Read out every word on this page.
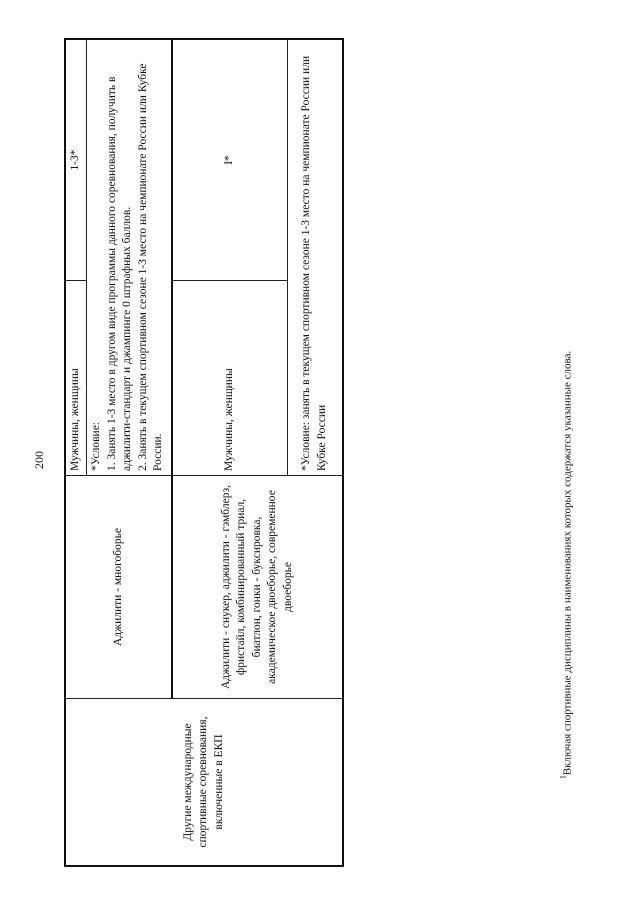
200
Другие международные спортивные соревнования, включенные в ЕКП	Аджилити - многоборье	Мужчины, женщины	1-3*

		*Условие: 1. Занять 1-3 место в другом виде программы данного соревнования, получить в аджилити-стандарт и джампинге 0 штрафных баллов. 2. Занять в текущем спортивном сезоне 1-3 место на чемпионате России или Кубке России.	

	Аджилити - снукер, аджилити - гэмблерз, фристайл, комбинированный триал, биатлон, гонки - буксировка, академическое двоеборье, современное двоеборье	Мужчины, женщины	I*
		*Условие: занять в текущем спортивном сезоне 1-3 место на чемпионате России или Кубке России	
$^1$Включая спортивные дисциплины в наименованиях которых содержатся указанные слова.
